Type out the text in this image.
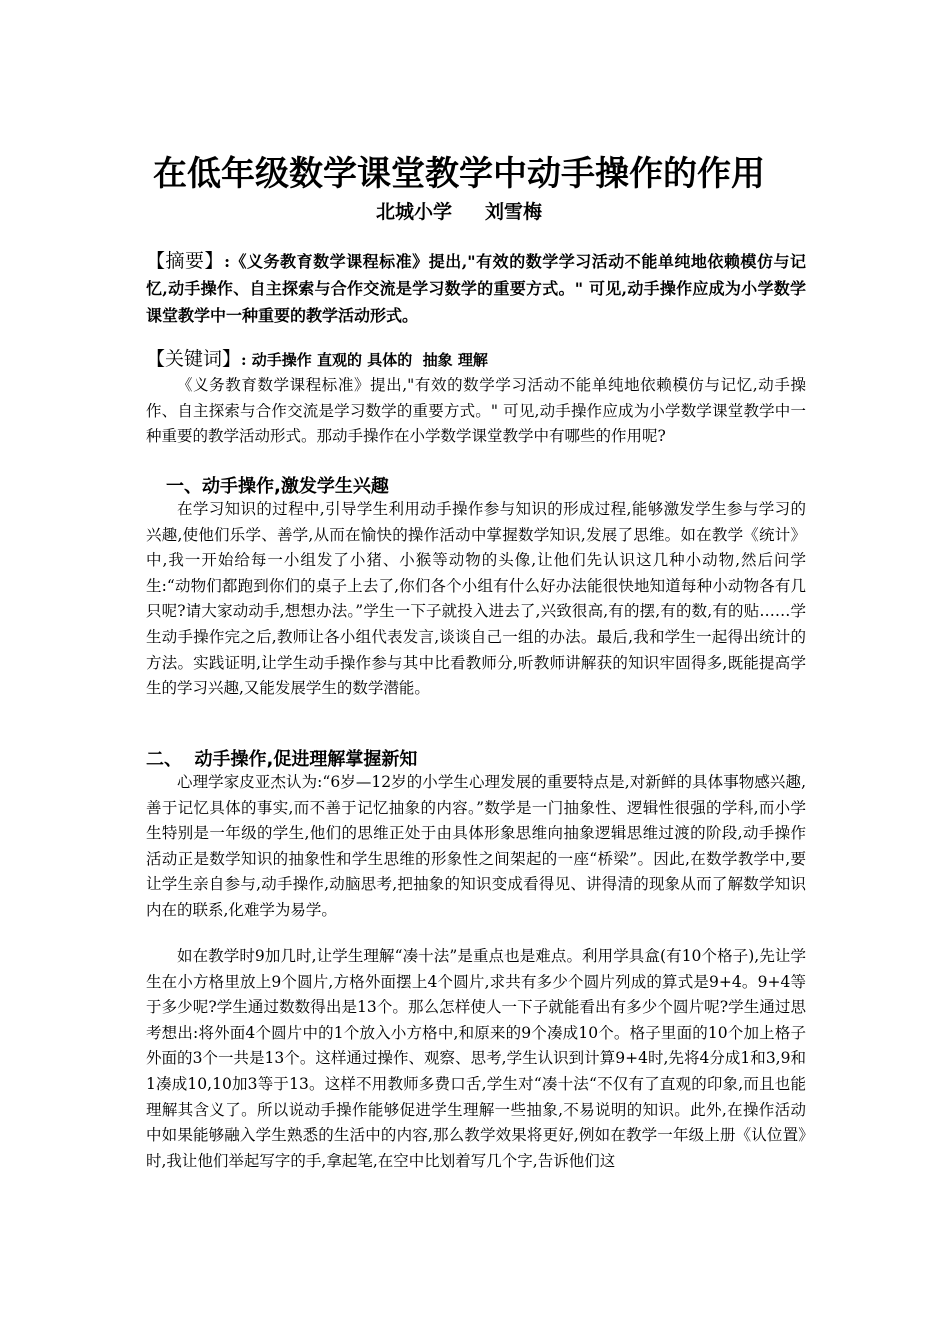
在低年级数学课堂教学中动手操作的作用
北城小学 刘雪梅
【摘要】:《义务教育数学课程标准》提出,"有效的数学学习活动不能单纯地依赖模仿与记忆,动手操作、自主探索与合作交流是学习数学的重要方式。" 可见,动手操作应成为小学数学课堂教学中一种重要的教学活动形式。
【关键词】: 动手操作 直观的 具体的  抽象 理解

《义务教育数学课程标准》提出,"有效的数学学习活动不能单纯地依赖模仿与记忆,动手操作、自主探索与合作交流是学习数学的重要方式。" 可见,动手操作应成为小学数学课堂教学中一种重要的教学活动形式。那动手操作在小学数学课堂教学中有哪些的作用呢?

一、动手操作,激发学生兴趣

在学习知识的过程中,引导学生利用动手操作参与知识的形成过程,能够激发学生参与学习的兴趣,使他们乐学、善学,从而在愉快的操作活动中掌握数学知识,发展了思维。如在教学《统计》中,我一开始给每一小组发了小猪、小猴等动物的头像,让他们先认识这几种小动物,然后问学生:“动物们都跑到你们的桌子上去了,你们各个小组有什么好办法能很快地知道每种小动物各有几只呢?请大家动动手,想想办法。”学生一下子就投入进去了,兴致很高,有的摆,有的数,有的贴……学生动手操作完之后,教师让各小组代表发言,谈谈自己一组的办法。最后,我和学生一起得出统计的方法。实践证明,让学生动手操作参与其中比看教师分,听教师讲解获的知识牢固得多,既能提高学生的学习兴趣,又能发展学生的数学潜能。

二、  动手操作,促进理解掌握新知

心理学家皮亚杰认为:“6岁—12岁的小学生心理发展的重要特点是,对新鲜的具体事物感兴趣,善于记忆具体的事实,而不善于记忆抽象的内容。”数学是一门抽象性、逻辑性很强的学科,而小学生特别是一年级的学生,他们的思维正处于由具体形象思维向抽象逻辑思维过渡的阶段,动手操作活动正是数学知识的抽象性和学生思维的形象性之间架起的一座“桥梁”。因此,在数学教学中,要让学生亲自参与,动手操作,动脑思考,把抽象的知识变成看得见、讲得清的现象从而了解数学知识内在的联系,化难学为易学。

如在教学时9加几时,让学生理解“凑十法”是重点也是难点。利用学具盒(有10个格子),先让学生在小方格里放上9个圆片,方格外面摆上4个圆片,求共有多少个圆片列成的算式是9+4。9+4等于多少呢?学生通过数数得出是13个。那么怎样使人一下子就能看出有多少个圆片呢?学生通过思考想出:将外面4个圆片中的1个放入小方格中,和原来的9个凑成10个。格子里面的10个加上格子外面的3个一共是13个。这样通过操作、观察、思考,学生认识到计算9+4时,先将4分成1和3,9和1凑成10,10加3等于13。这样不用教师多费口舌,学生对“凑十法“不仅有了直观的印象,而且也能理解其含义了。所以说动手操作能够促进学生理解一些抽象,不易说明的知识。此外,在操作活动中如果能够融入学生熟悉的生活中的内容,那么教学效果将更好,例如在教学一年级上册《认位置》时,我让他们举起写字的手,拿起笔,在空中比划着写几个字,告诉他们这
